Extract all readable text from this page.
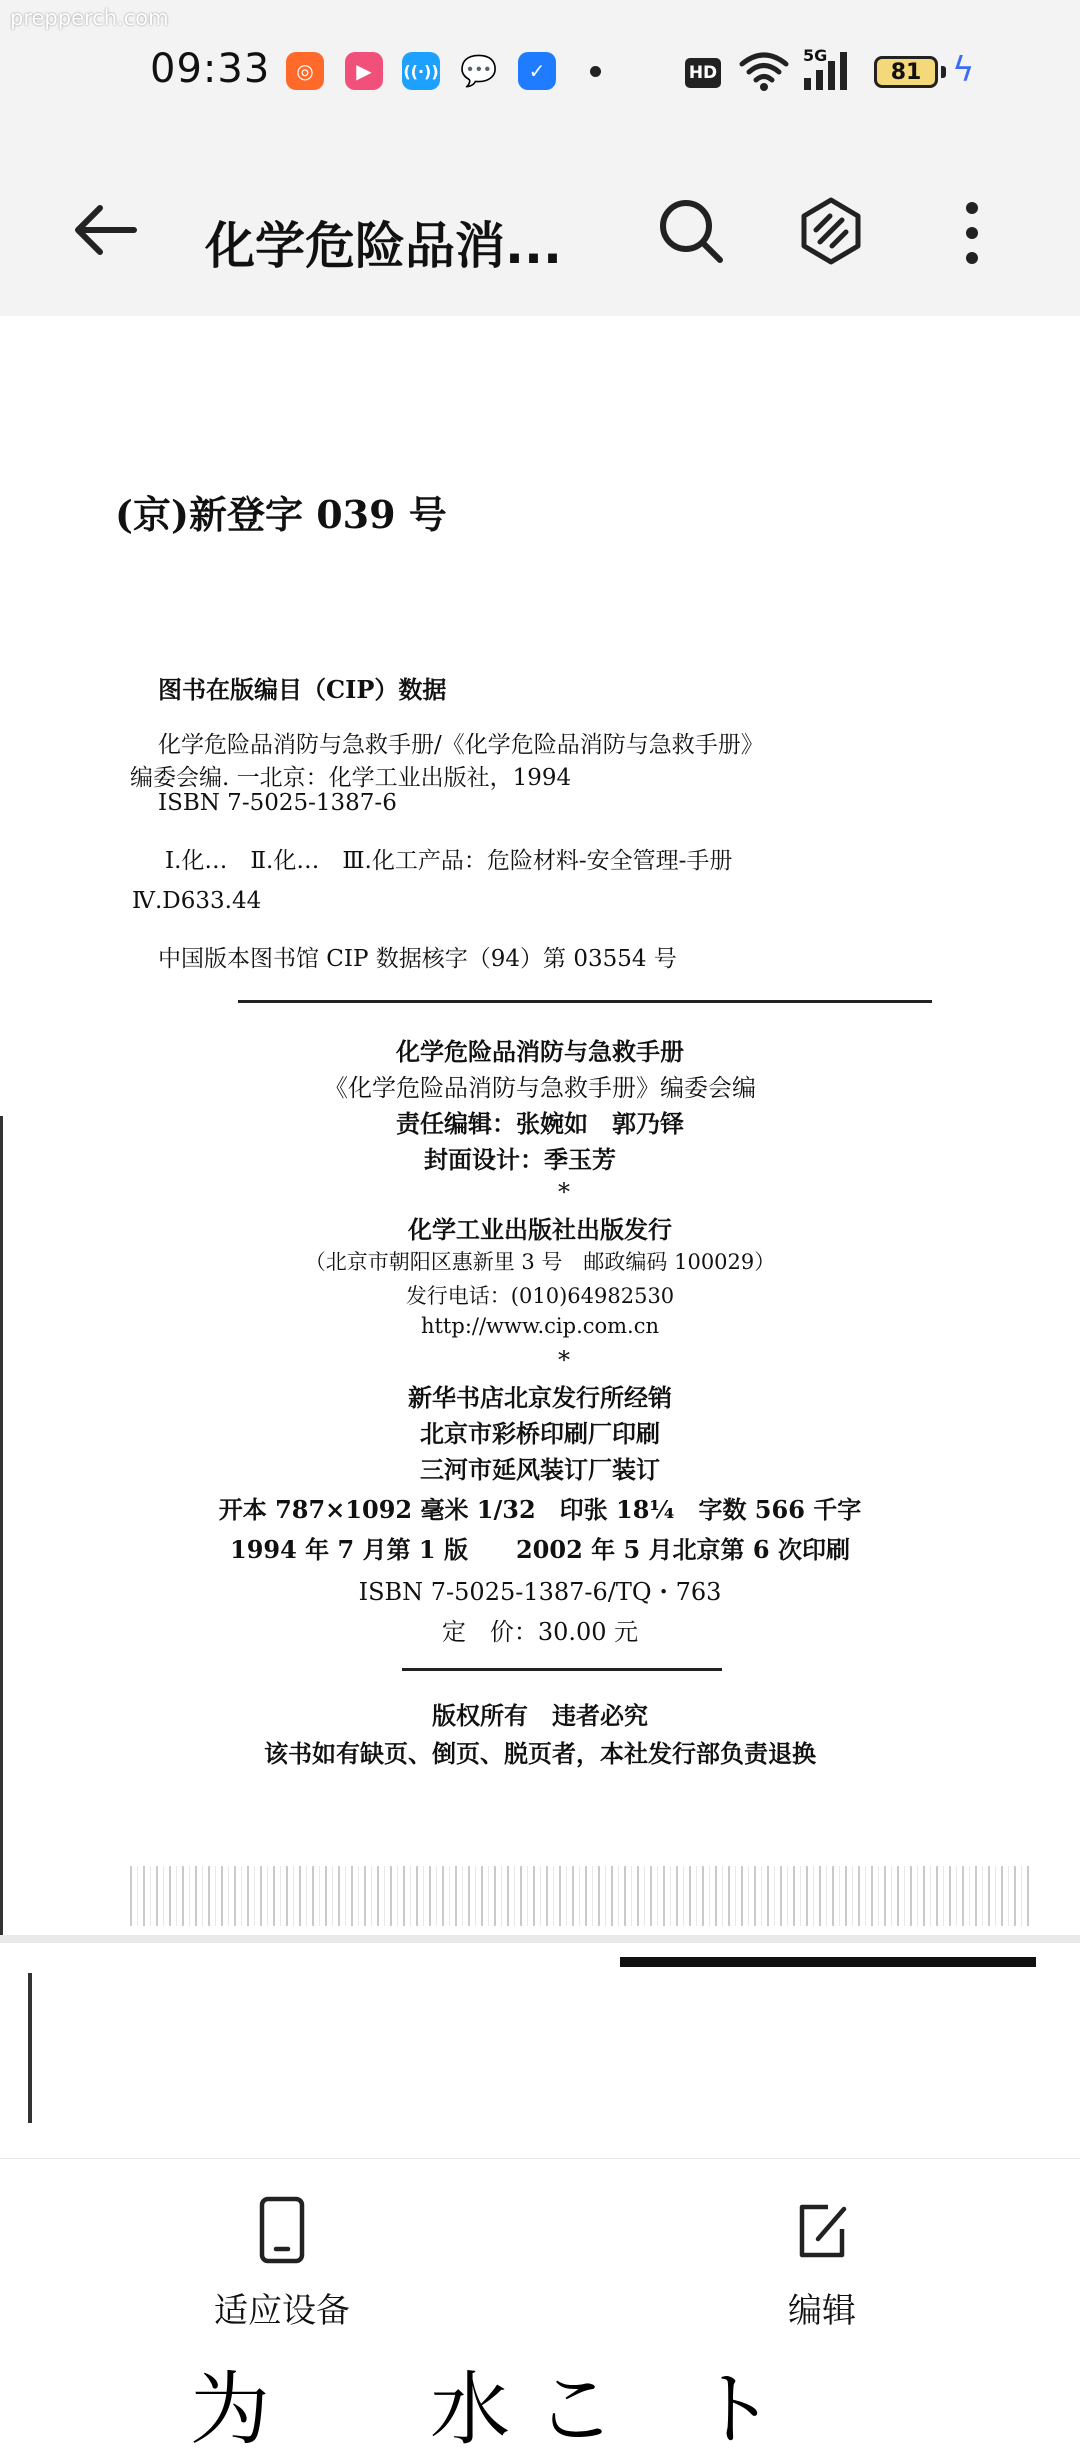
09:33	◎	▶	((·)) 💬	✓	HD
5G
81 ϟ
化学危险品消...
(京)新登字 039 号
图书在版编目（CIP）数据
化学危险品消防与急救手册/《化学危险品消防与急救手册》
编委会编. 一北京：化学工业出版社，1994
ISBN 7-5025-1387-6
Ⅰ.化…　Ⅱ.化…　Ⅲ.化工产品：危险材料-安全管理-手册
Ⅳ.D633.44
中国版本图书馆 CIP 数据核字（94）第 03554 号
化学危险品消防与急救手册
《化学危险品消防与急救手册》编委会编
责任编辑：张婉如　郭乃铎
封面设计：季玉芳
*
化学工业出版社出版发行
（北京市朝阳区惠新里 3 号　邮政编码 100029）
发行电话：(010)64982530
http://www.cip.com.cn
*
新华书店北京发行所经销
北京市彩桥印刷厂印刷
三河市延风装订厂装订
开本 787×1092 毫米 1/32　印张 18¼　字数 566 千字
1994 年 7 月第 1 版　　2002 年 5 月北京第 6 次印刷
ISBN 7-5025-1387-6/TQ・763
定　价：30.00 元
版权所有　违者必究
该书如有缺页、倒页、脱页者，本社发行部负责退换
适应设备	编辑
为　　水 こ　ト
prepperch.com
